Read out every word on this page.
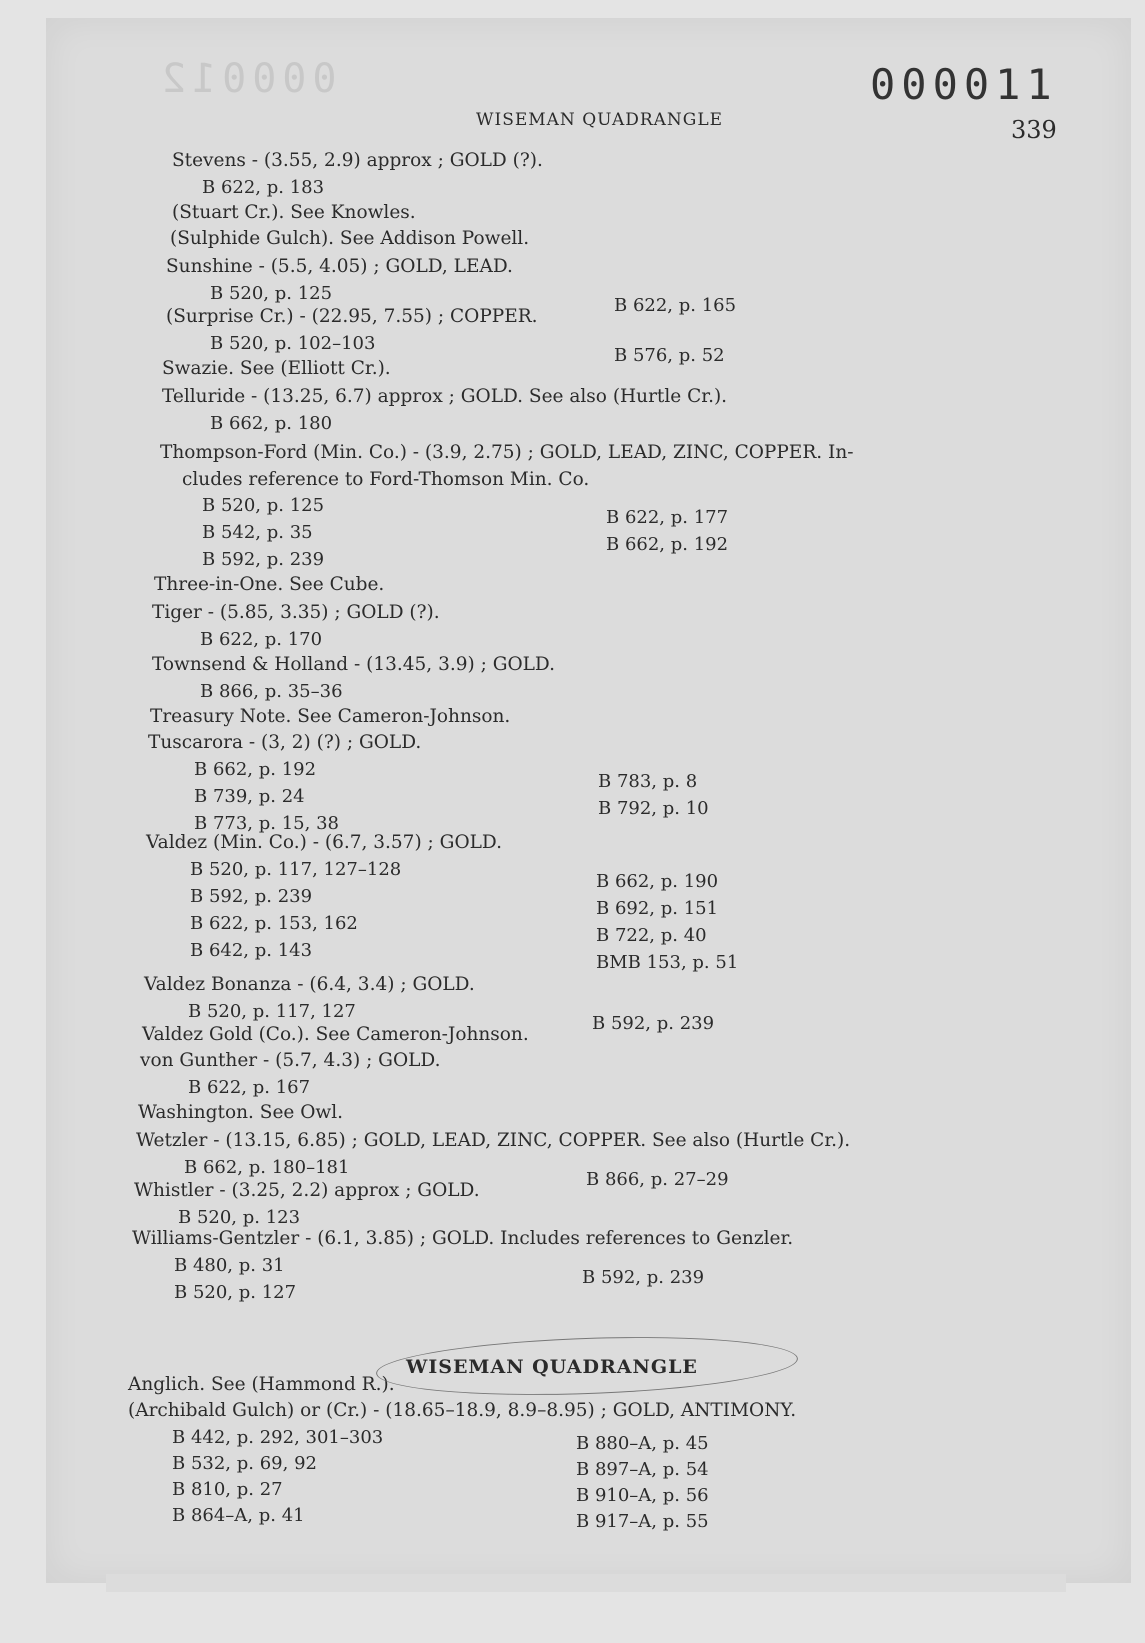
000012	000011
WISEMAN QUADRANGLE	339
Stevens - (3.55, 2.9) approx ; GOLD (?).
B 622, p. 183
(Stuart Cr.). See Knowles.
(Sulphide Gulch). See Addison Powell.
Sunshine - (5.5, 4.05) ; GOLD, LEAD.
B 520, p. 125
B 622, p. 165
(Surprise Cr.) - (22.95, 7.55) ; COPPER.
B 520, p. 102–103
B 576, p. 52
Swazie. See (Elliott Cr.).
Telluride - (13.25, 6.7) approx ; GOLD. See also (Hurtle Cr.).
B 662, p. 180
Thompson-Ford (Min. Co.) - (3.9, 2.75) ; GOLD, LEAD, ZINC, COPPER. In-
cludes reference to Ford-Thomson Min. Co.
B 520, p. 125
B 542, p. 35
B 592, p. 239
B 622, p. 177
B 662, p. 192
Three-in-One. See Cube.
Tiger - (5.85, 3.35) ; GOLD (?).
B 622, p. 170
Townsend & Holland - (13.45, 3.9) ; GOLD.
B 866, p. 35–36
Treasury Note. See Cameron-Johnson.
Tuscarora - (3, 2) (?) ; GOLD.
B 662, p. 192
B 739, p. 24
B 773, p. 15, 38
B 783, p. 8
B 792, p. 10
Valdez (Min. Co.) - (6.7, 3.57) ; GOLD.
B 520, p. 117, 127–128
B 592, p. 239
B 622, p. 153, 162
B 642, p. 143
B 662, p. 190
B 692, p. 151
B 722, p. 40
BMB 153, p. 51
Valdez Bonanza - (6.4, 3.4) ; GOLD.
B 520, p. 117, 127
B 592, p. 239
Valdez Gold (Co.). See Cameron-Johnson.
von Gunther - (5.7, 4.3) ; GOLD.
B 622, p. 167
Washington. See Owl.
Wetzler - (13.15, 6.85) ; GOLD, LEAD, ZINC, COPPER. See also (Hurtle Cr.).
B 662, p. 180–181
B 866, p. 27–29
Whistler - (3.25, 2.2) approx ; GOLD.
B 520, p. 123
Williams-Gentzler - (6.1, 3.85) ; GOLD. Includes references to Genzler.
B 480, p. 31
B 520, p. 127
B 592, p. 239
Anglich. See (Hammond R.).
(Archibald Gulch) or (Cr.) - (18.65–18.9, 8.9–8.95) ; GOLD, ANTIMONY.
B 442, p. 292, 301–303
B 532, p. 69, 92
B 810, p. 27
B 864–A, p. 41
B 880–A, p. 45
B 897–A, p. 54
B 910–A, p. 56
B 917–A, p. 55
WISEMAN QUADRANGLE
